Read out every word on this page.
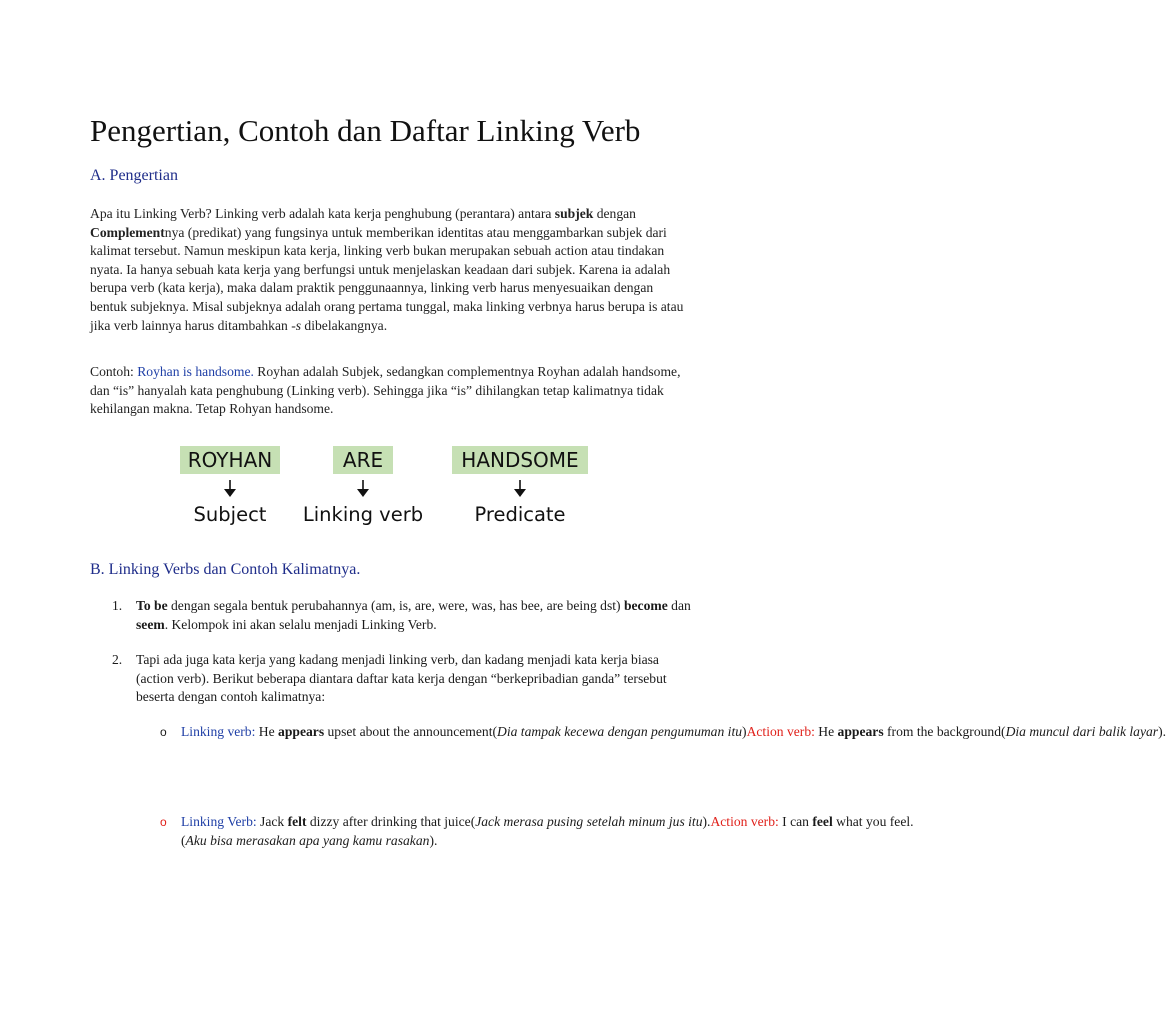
Pengertian, Contoh dan Daftar Linking Verb
A. Pengertian

Apa itu Linking Verb? Linking verb adalah kata kerja penghubung (perantara) antara subjek dengan Complementnya (predikat) yang fungsinya untuk memberikan identitas atau menggambarkan subjek dari kalimat tersebut. Namun meskipun kata kerja, linking verb bukan merupakan sebuah action atau tindakan nyata. Ia hanya sebuah kata kerja yang berfungsi untuk menjelaskan keadaan dari subjek. Karena ia adalah berupa verb (kata kerja), maka dalam praktik penggunaannya, linking verb harus menyesuaikan dengan bentuk subjeknya. Misal subjeknya adalah orang pertama tunggal, maka linking verbnya harus berupa is atau jika verb lainnya harus ditambahkan -s dibelakangnya.

Contoh: Royhan is handsome. Royhan adalah Subjek, sedangkan complementnya Royhan adalah handsome, dan “is” hanyalah kata penghubung (Linking verb). Sehingga jika “is” dihilangkan tetap kalimatnya tidak kehilangan makna. Tetap Rohyan handsome.

B. Linking Verbs dan Contoh Kalimatnya.
1. To be dengan segala bentuk perubahannya (am, is, are, were, was, has bee, are being dst) become dan seem. Kelompok ini akan selalu menjadi Linking Verb.
2. Tapi ada juga kata kerja yang kadang menjadi linking verb, dan kadang menjadi kata kerja biasa (action verb). Berikut beberapa diantara daftar kata kerja dengan “berkepribadian ganda” tersebut beserta dengan contoh kalimatnya:
o Linking verb: He appears upset about the announcement(Dia tampak kecewa dengan pengumuman itu)Action verb: He appears from the background(Dia muncul dari balik layar).
o Linking Verb: Jack felt dizzy after drinking that juice(Jack merasa pusing setelah minum jus itu).Action verb: I can feel what you feel.(Aku bisa merasakan apa yang kamu rasakan).
ROYHAN	ARE	HANDSOME
Subject	Linking verb	Predicate
